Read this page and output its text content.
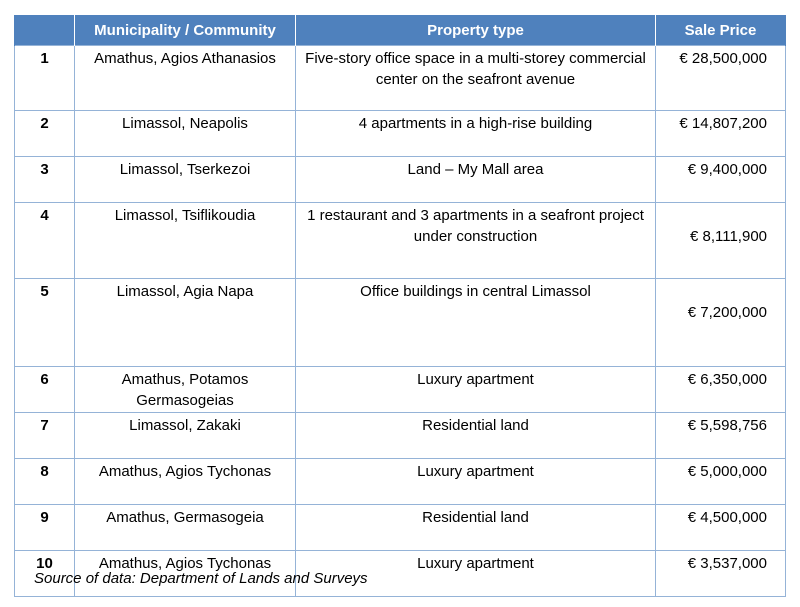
	Municipality / Community	Property type	Sale Price
1	Amathus, Agios Athanasios	Five-story office space in a multi-storey commercial center on the seafront avenue	€ 28,500,000
2	Limassol, Neapolis	4 apartments in a high-rise building	€ 14,807,200
3	Limassol, Tserkezoi	Land – My Mall area	€ 9,400,000
4	Limassol, Tsiflikoudia	1 restaurant and 3 apartments in a seafront project under construction	€ 8,111,900
5	Limassol, Agia Napa	Office buildings in central Limassol	€ 7,200,000
6	Amathus, Potamos Germasogeias	Luxury apartment	€ 6,350,000
7	Limassol, Zakaki	Residential land	€ 5,598,756
8	Amathus, Agios Tychonas	Luxury apartment	€ 5,000,000
9	Amathus, Germasogeia	Residential land	€ 4,500,000
10	Amathus, Agios Tychonas	Luxury apartment	€ 3,537,000
Source of data: Department of Lands and Surveys
